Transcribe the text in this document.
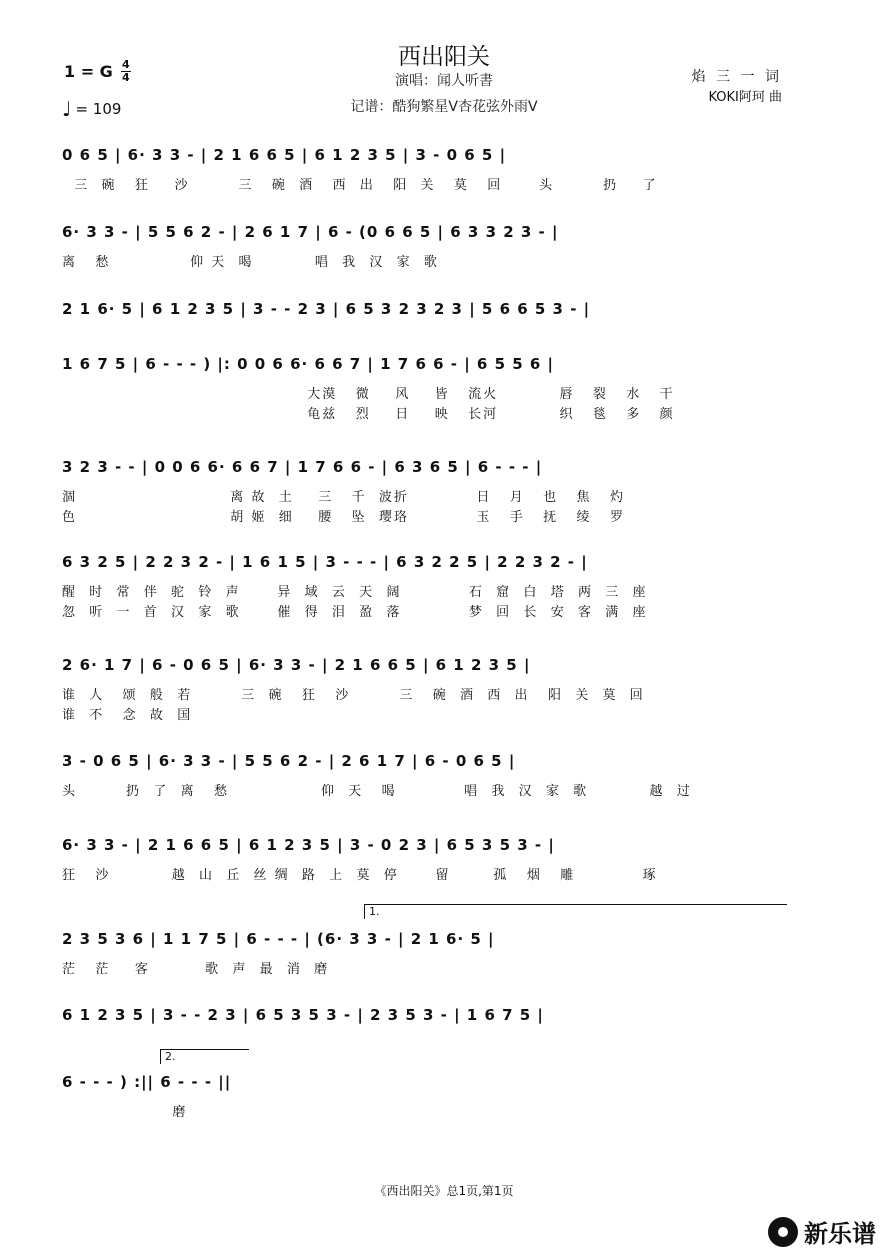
西出阳关
演唱：闻人听書
记谱：酷狗繁星V杏花弦外雨V
1 = G $\frac{4}{4}$
♩ = 109
焰 三 一 词
KOKI阿珂 曲
0 6 5 | 6· 3 3 - | 2 1 6 6 5 | 6 1 2 3 5 | 3 - 0 6 5 |
三  碗   狂    沙        三   碗  酒   西  出   阳  关   莫   回      头        扔    了
6· 3 3 - | 5 5 6 2 - | 2 6 1 7 | 6 - (0 6 6 5 | 6 3 3 2 3 - |
离   愁             仰 天  喝          唱  我  汉  家  歌
2 1 6· 5 | 6 1 2 3 5 | 3 - - 2 3 | 6 5 3 2 3 2 3 | 5 6 6 5 3 - |
1 6 7 5 | 6 - - - ) |: 0 0 6 6· 6 6 7 | 1 7 6 6 - | 6 5 5 6 |
大漠   微    风    皆   流火          唇   裂   水   干
龟兹   烈    日    映   长河          织   毯   多   颜
3 2 3 - - | 0 0 6 6· 6 6 7 | 1 7 6 6 - | 6 3 6 5 | 6 - - - |
涸                         离 故  土    三   千  波折           日   月   也   焦   灼
色                         胡 姬  细    腰   坠  璎珞           玉   手   抚   绫   罗
6 3 2 5 | 2 2 3 2 - | 1 6 1 5 | 3 - - - | 6 3 2 2 5 | 2 2 3 2 - |
醒  时  常  伴  驼  铃  声      异  域  云  天  阔           石  窟  白  塔  两  三  座
忽  听  一  首  汉  家  歌      催  得  泪  盈  落           梦  回  长  安  客  满  座
2 6· 1 7 | 6 - 0 6 5 | 6· 3 3 - | 2 1 6 6 5 | 6 1 2 3 5 |
谁  人   颂  般  若        三  碗   狂   沙        三   碗  酒  西  出   阳  关  莫  回
谁  不   念  故  国
3 - 0 6 5 | 6· 3 3 - | 5 5 6 2 - | 2 6 1 7 | 6 - 0 6 5 |
头        扔  了  离   愁               仰  天   喝           唱  我  汉  家  歌          越  过
6· 3 3 - | 2 1 6 6 5 | 6 1 2 3 5 | 3 - 0 2 3 | 6 5 3 5 3 - |
狂   沙          越  山  丘  丝 绸  路  上  莫  停      留       孤   烟   雕           琢
2 3 5 3 6 | 1 1 7 5 | 6 - - - | (6· 3 3 - | 2 1 6· 5 |
茫   茫    客         歌  声  最  消  磨
6 1 2 3 5 | 3 - - 2 3 | 6 5 3 5 3 - | 2 3 5 3 - | 1 6 7 5 |
6 - - - ) :|| 6 - - - ||
磨
1.
2.
《西出阳关》总1页,第1页
新乐谱
